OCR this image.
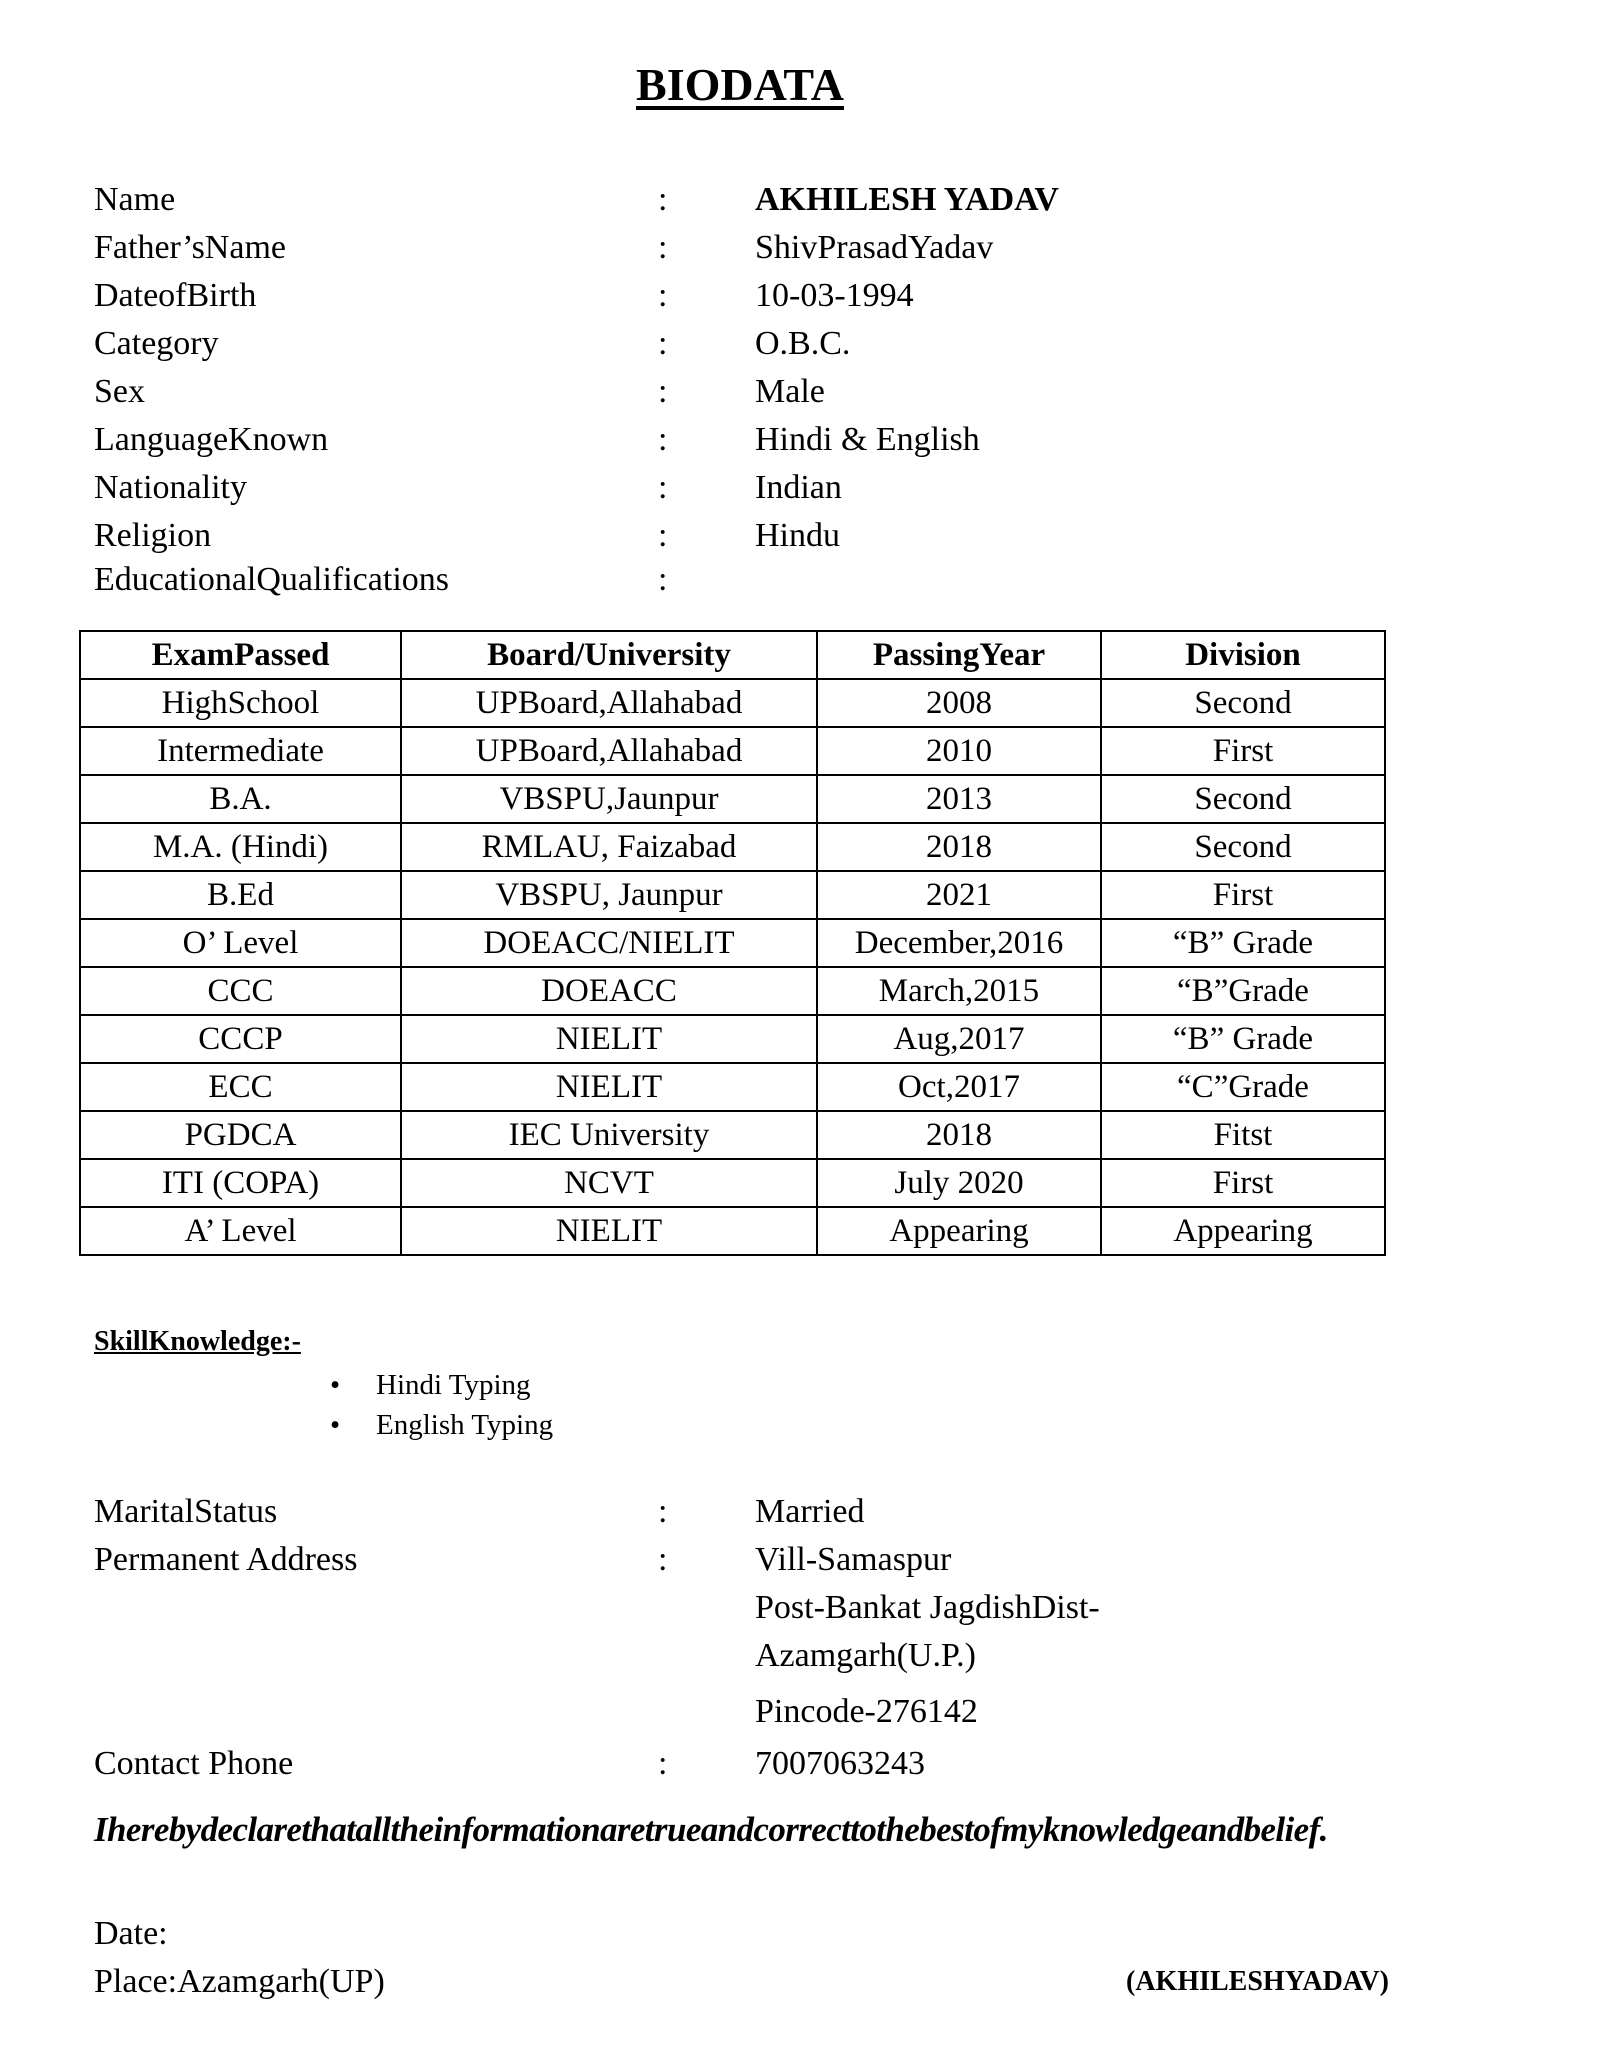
BIODATA
Name	:	AKHILESH YADAV
Father’sName	:	ShivPrasadYadav
DateofBirth	:	10-03-1994
Category	:	O.B.C.
Sex	:	Male
LanguageKnown	:	Hindi & English
Nationality	:	Indian
Religion	:	Hindu
EducationalQualifications	:
ExamPassed	Board/University	PassingYear	Division
HighSchool	UPBoard,Allahabad	2008	Second
Intermediate	UPBoard,Allahabad	2010	First
B.A.	VBSPU,Jaunpur	2013	Second
M.A. (Hindi)	RMLAU, Faizabad	2018	Second
B.Ed	VBSPU, Jaunpur	2021	First
O’ Level	DOEACC/NIELIT	December,2016	“B” Grade
CCC	DOEACC	March,2015	“B”Grade
CCCP	NIELIT	Aug,2017	“B” Grade
ECC	NIELIT	Oct,2017	“C”Grade
PGDCA	IEC University	2018	Fitst
ITI (COPA)	NCVT	July 2020	First
A’ Level	NIELIT	Appearing	Appearing
SkillKnowledge:-
• Hindi Typing
• English Typing
MaritalStatus	:	Married
Permanent Address	:	Vill-Samaspur
Post-Bankat JagdishDist-
Azamgarh(U.P.)
Pincode-276142
Contact Phone	:	7007063243
Iherebydeclarethatalltheinformationaretrueandcorrecttothebestofmyknowledgeandbelief.
Date:
Place:Azamgarh(UP)	(AKHILESHYADAV)
